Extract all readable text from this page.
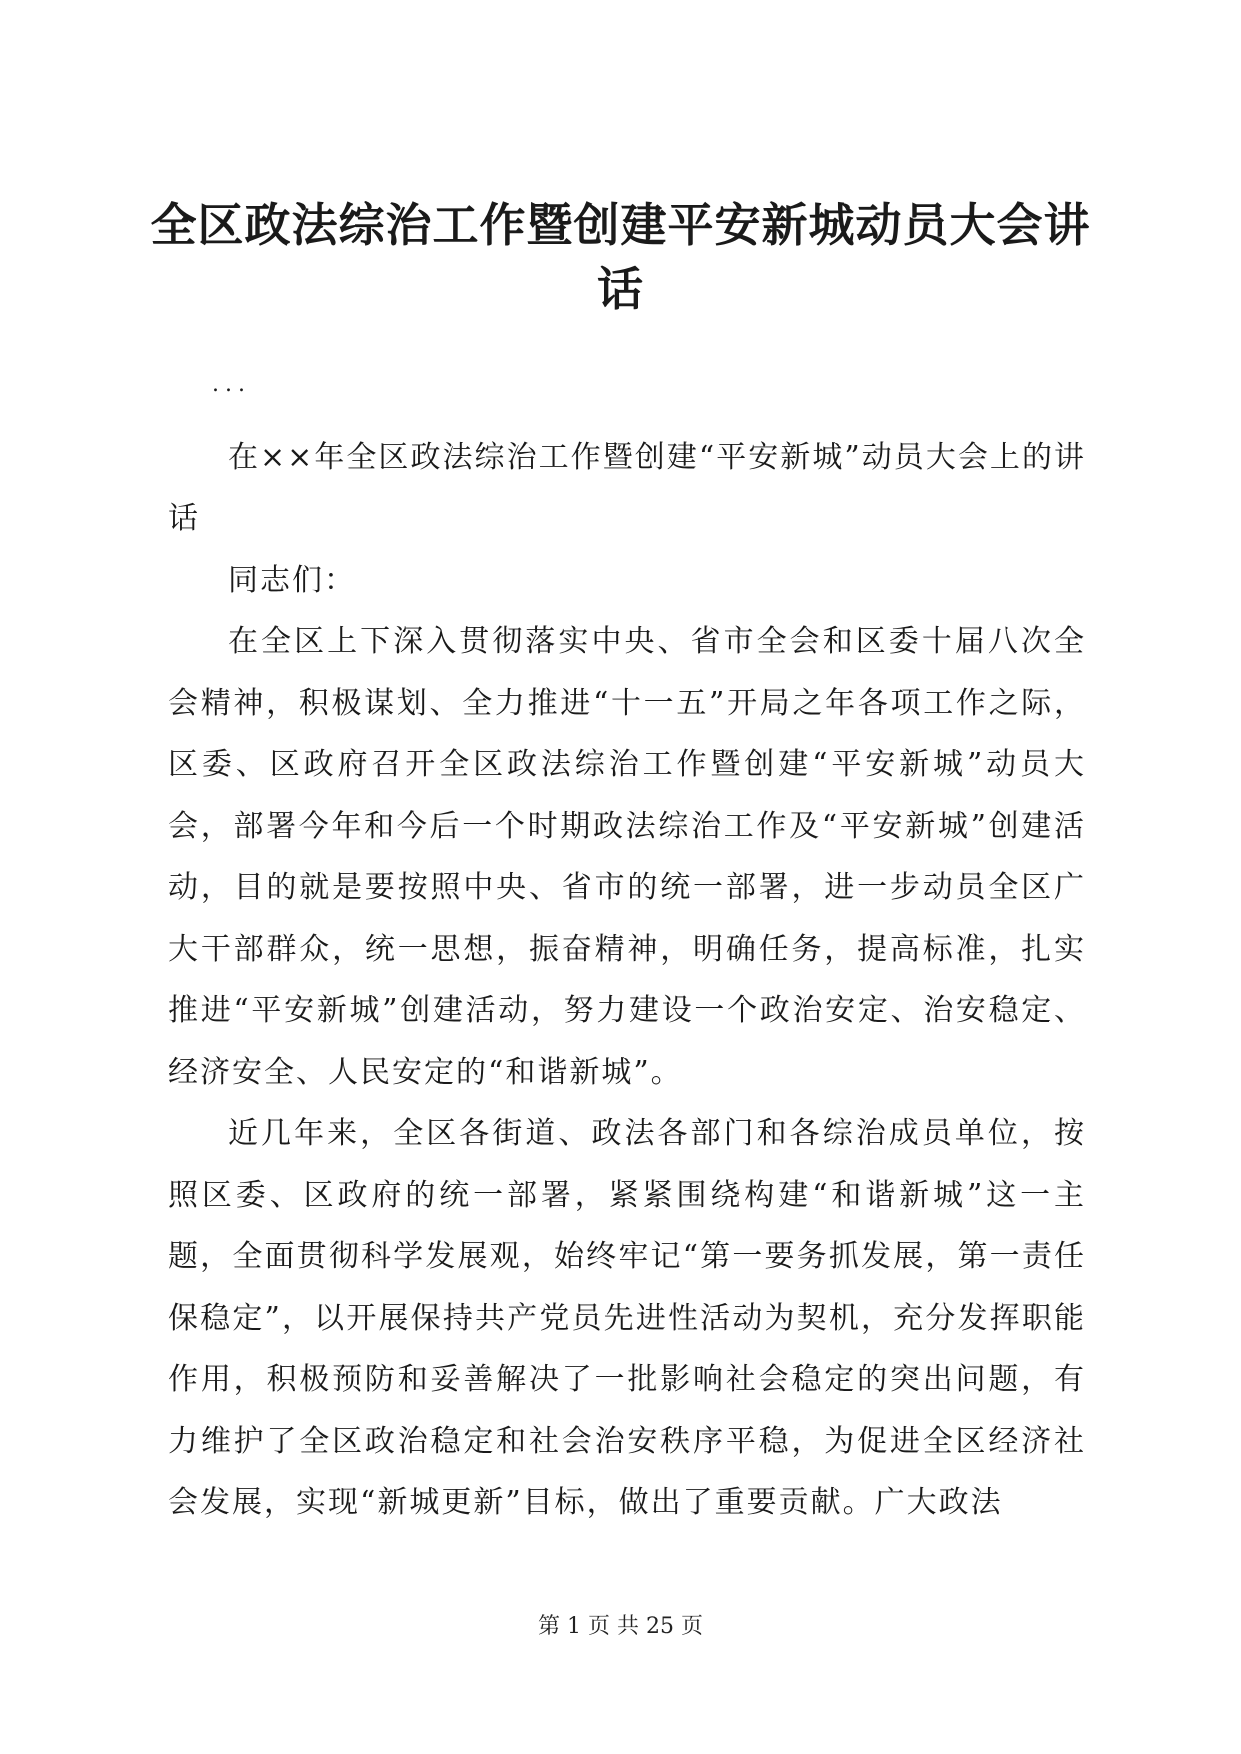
全区政法综治工作暨创建平安新城动员大会讲话
...

在××年全区政法综治工作暨创建“平安新城”动员大会上的讲话

同志们：

在全区上下深入贯彻落实中央、省市全会和区委十届八次全会精神，积极谋划、全力推进“十一五”开局之年各项工作之际，区委、区政府召开全区政法综治工作暨创建“平安新城”动员大会，部署今年和今后一个时期政法综治工作及“平安新城”创建活动，目的就是要按照中央、省市的统一部署，进一步动员全区广大干部群众，统一思想，振奋精神，明确任务，提高标准，扎实推进“平安新城”创建活动，努力建设一个政治安定、治安稳定、经济安全、人民安定的“和谐新城”。

近几年来，全区各街道、政法各部门和各综治成员单位，按照区委、区政府的统一部署，紧紧围绕构建“和谐新城”这一主题，全面贯彻科学发展观，始终牢记“第一要务抓发展，第一责任保稳定”，以开展保持共产党员先进性活动为契机，充分发挥职能作用，积极预防和妥善解决了一批影响社会稳定的突出问题，有力维护了全区政治稳定和社会治安秩序平稳，为促进全区经济社会发展，实现“新城更新”目标，做出了重要贡献。广大政法

第 1 页 共 25 页
